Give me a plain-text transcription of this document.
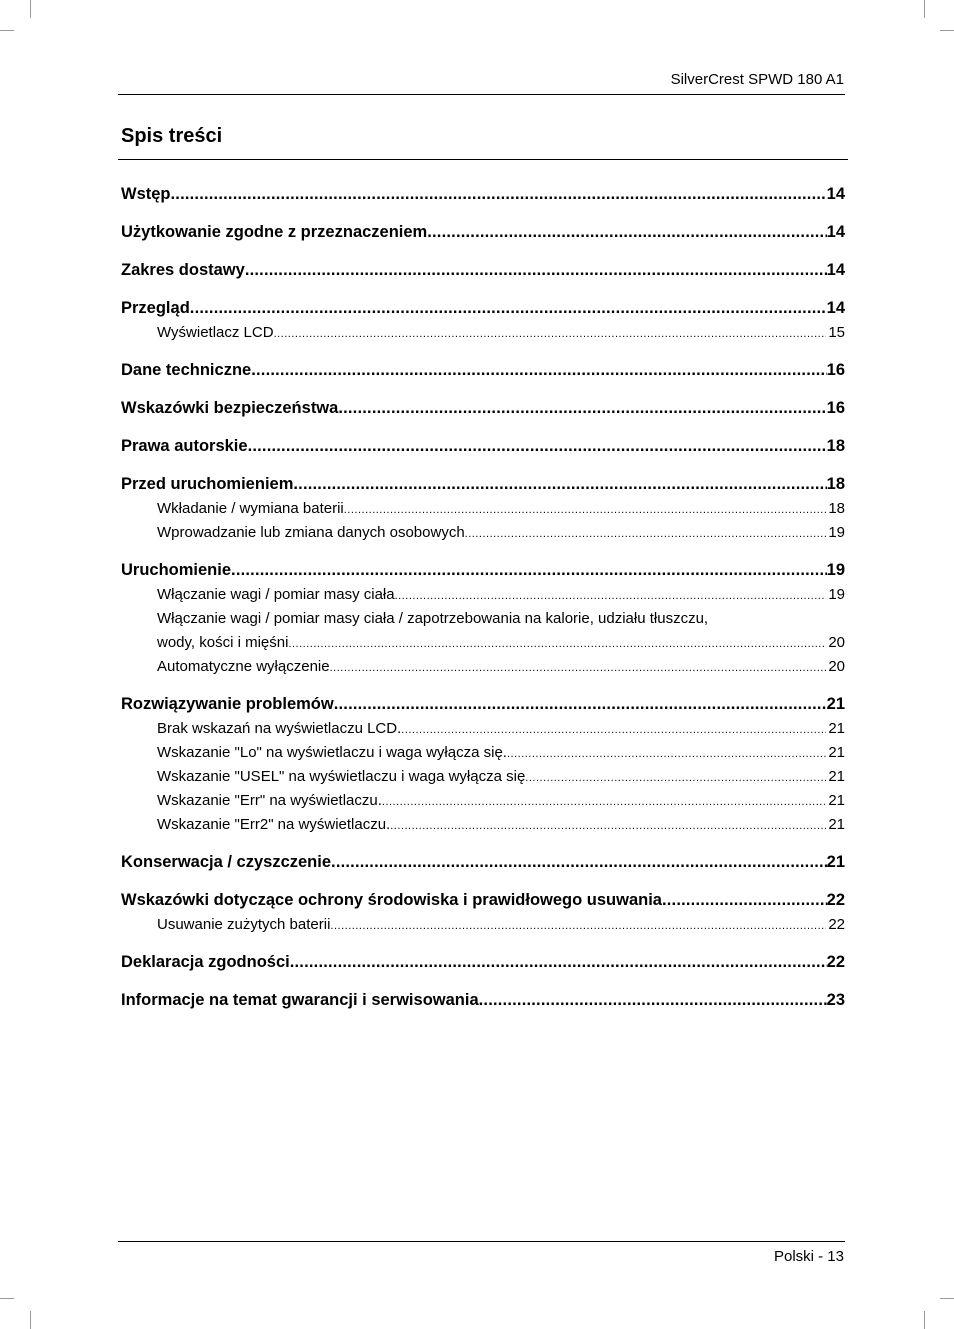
SilverCrest SPWD 180 A1
Spis treści
Wstęp .....	14
Użytkowanie zgodne z przeznaczeniem .....	14
Zakres dostawy .....	14
Przegląd .....	14
Wyświetlacz LCD .....	15
Dane techniczne .....	16
Wskazówki bezpieczeństwa .....	16
Prawa autorskie .....	18
Przed uruchomieniem .....	18
Wkładanie / wymiana baterii .....	18
Wprowadzanie lub zmiana danych osobowych .....	19
Uruchomienie .....	19
Włączanie wagi / pomiar masy ciała .....	19
Włączanie wagi / pomiar masy ciała / zapotrzebowania na kalorie, udziału tłuszczu,
wody, kości i mięśni .....	20
Automatyczne wyłączenie .....	20
Rozwiązywanie problemów .....	21
Brak wskazań na wyświetlaczu LCD. .....	21
Wskazanie "Lo" na wyświetlaczu i waga wyłącza się. .....	21
Wskazanie "USEL" na wyświetlaczu i waga wyłącza się .....	21
Wskazanie "Err" na wyświetlaczu. .....	21
Wskazanie "Err2" na wyświetlaczu. .....	21
Konserwacja / czyszczenie .....	21
Wskazówki dotyczące ochrony środowiska i prawidłowego usuwania .....	22
Usuwanie zużytych baterii .....	22
Deklaracja zgodności .....	22
Informacje na temat gwarancji i serwisowania .....	23
Polski - 13
